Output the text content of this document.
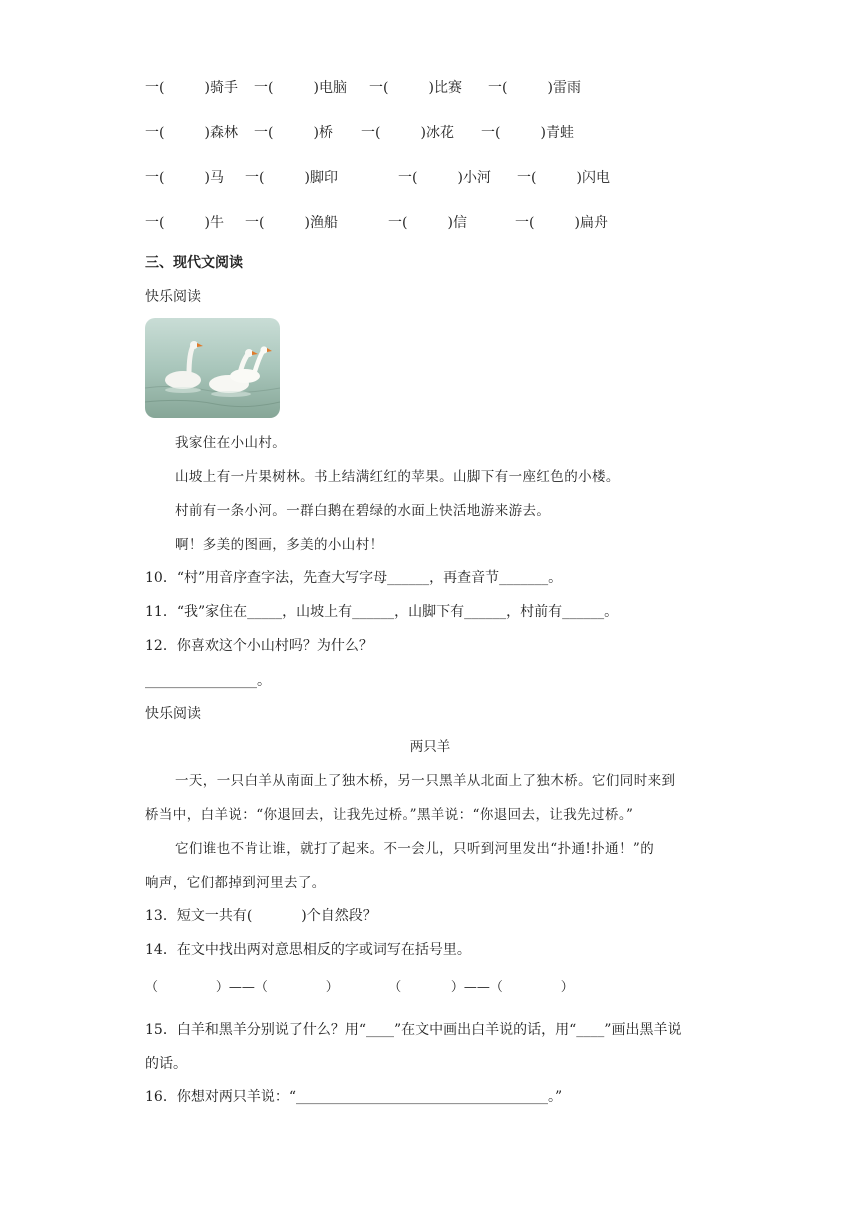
一(         )骑手 一(         )电脑 一(         )比赛 一(         )雷雨
一(         )森林 一(         )桥 一(         )冰花 一(         )青蛙
一(         )马 一(         )脚印	一(         )小河 一(         )闪电
一(         )牛 一(         )渔船	一(         )信	一(         )扁舟
三、现代文阅读
快乐阅读
我家住在小山村。
山坡上有一片果树林。书上结满红红的苹果。山脚下有一座红色的小楼。
村前有一条小河。一群白鹅在碧绿的水面上快活地游来游去。
啊！多美的图画，多美的小山村！
10．“村”用音序查字法，先查大写字母______，再查音节_______。
11．“我”家住在_____，山坡上有______，山脚下有______，村前有______。
12．你喜欢这个小山村吗？为什么？
________________。
快乐阅读
两只羊
一天，一只白羊从南面上了独木桥，另一只黑羊从北面上了独木桥。它们同时来到
桥当中，白羊说：“你退回去，让我先过桥。”黑羊说：“你退回去，让我先过桥。”
它们谁也不肯让谁，就打了起来。不一会儿，只听到河里发出“扑通!扑通！”的
响声，它们都掉到河里去了。
13．短文一共有(           )个自然段？
14．在文中找出两对意思相反的字或词写在括号里。
（              ）——（              ）            （            ）——（              ）
15．白羊和黑羊分别说了什么？用“____”在文中画出白羊说的话，用“____”画出黑羊说
的话。
16．你想对两只羊说：“____________________________________。”
